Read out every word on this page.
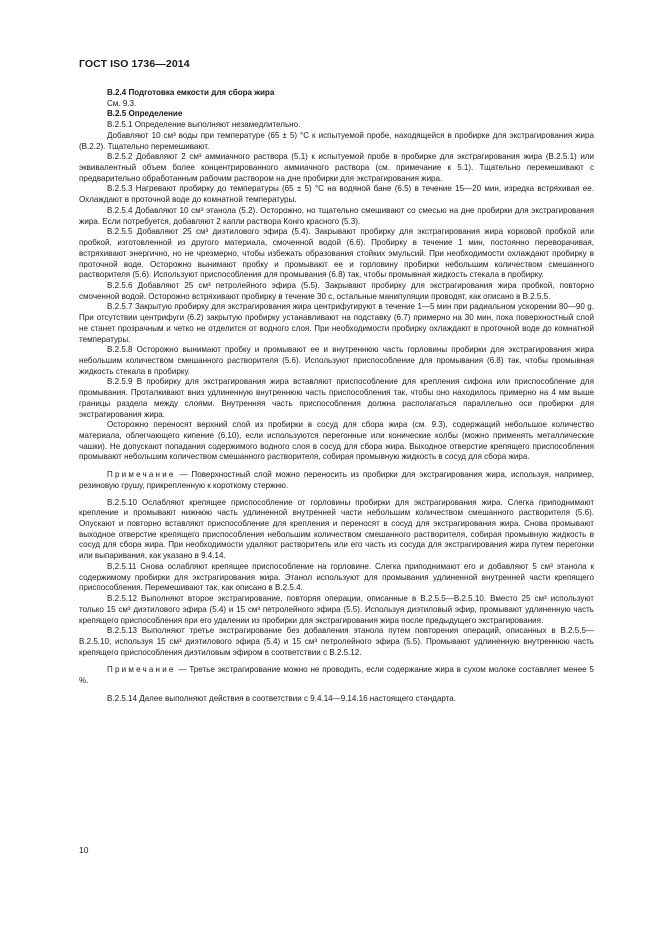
ГОСТ ISO 1736—2014

B.2.4 Подготовка емкости для сбора жира

См. 9.3.

B.2.5 Определение

В.2.5.1 Определение выполняют незамедлительно.

Добавляют 10 см³ воды при температуре (65 ± 5) °С к испытуемой пробе, находящейся в пробирке для экстрагирования жира (В.2.2). Тщательно перемешивают.

В.2.5.2 Добавляют 2 см³ аммиачного раствора (5.1) к испытуемой пробе в пробирке для экстрагирования жира (В.2.5.1) или эквивалентный объем более концентрированного аммиачного раствора (см. примечание к 5.1). Тщательно перемешивают с предварительно обработанным рабочим раствором на дне пробирки для экстрагирования жира.

В.2.5.3 Нагревают пробирку до температуры (65 ± 5) °С на водяной бане (6.5) в течение 15—20 мин, изредка встряхивая ее. Охлаждают в проточной воде до комнатной температуры.

В.2.5.4 Добавляют 10 см³ этанола (5.2). Осторожно, но тщательно смешивают со смесью на дне пробирки для экстрагирования жира. Если потребуется, добавляют 2 капли раствора Конго красного (5.3).

В.2.5.5 Добавляют 25 см³ диэтилового эфира (5.4). Закрывают пробирку для экстрагирования жира корковой пробкой или пробкой, изготовленной из другого материала, смоченной водой (6.6). Пробирку в течение 1 мин, постоянно переворачивая, встряхивают энергично, но не чрезмерно, чтобы избежать образования стойких эмульсий. При необходимости охлаждают пробирку в проточной воде. Осторожно вынимают пробку и промывают ее и горловину пробирки небольшим количеством смешанного растворителя (5.6). Используют приспособления для промывания (6.8) так, чтобы промывная жидкость стекала в пробирку.

В.2.5.6 Добавляют 25 см³ петролейного эфира (5.5). Закрывают пробирку для экстрагирования жира пробкой, повторно смоченной водой. Осторожно встряхивают пробирку в течение 30 с, остальные манипуляции проводят, как описано в В.2.5.5.

В.2.5.7 Закрытую пробирку для экстрагирования жира центрифугируют в течение 1—5 мин при радиальном ускорении 80—90 g. При отсутствии центрифуги (6.2) закрытую пробирку устанавливают на подставку (6.7) примерно на 30 мин, пока поверхностный слой не станет прозрачным и четко не отделится от водного слоя. При необходимости пробирку охлаждают в проточной воде до комнатной температуры.

В.2.5.8 Осторожно вынимают пробку и промывают ее и внутреннюю часть горловины пробирки для экстрагирования жира небольшим количеством смешанного растворителя (5.6). Используют приспособление для промывания (6.8) так, чтобы промывная жидкость стекала в пробирку.

В.2.5.9 В пробирку для экстрагирования жира вставляют приспособление для крепления сифона или приспособление для промывания. Проталкивают вниз удлиненную внутреннюю часть приспособления так, чтобы оно находилось примерно на 4 мм выше границы раздела между слоями. Внутренняя часть приспособления должна располагаться параллельно оси пробирки для экстрагирования жира.

Осторожно переносят верхний слой из пробирки в сосуд для сбора жира (см. 9.3), содержащий небольшое количество материала, облегчающего кипение (6.10), если используются перегонные или конические колбы (можно применять металлические чашки). Не допускают попадания содержимого водного слоя в сосуд для сбора жира. Выходное отверстие крепящего приспособления промывают небольшим количеством смешанного растворителя, собирая промывную жидкость в сосуд для сбора жира.

Примечание — Поверхностный слой можно переносить из пробирки для экстрагирования жира, используя, например, резиновую грушу, прикрепленную к короткому стержню.

В.2.5.10 Ослабляют крепящее приспособление от горловины пробирки для экстрагирования жира. Слегка приподнимают крепление и промывают нижнюю часть удлиненной внутренней части небольшим количеством смешанного растворителя (5.6). Опускают и повторно вставляют приспособление для крепления и переносят в сосуд для экстрагирования жира. Снова промывают выходное отверстие крепящего приспособления небольшим количеством смешанного растворителя, собирая промывную жидкость в сосуд для сбора жира. При необходимости удаляют растворитель или его часть из сосуда для экстрагирования жира путем перегонки или выпаривания, как указано в 9.4.14.

В.2.5.11 Снова ослабляют крепящее приспособление на горловине. Слегка приподнимают его и добавляют 5 см³ этанола к содержимому пробирки для экстрагирования жира. Этанол используют для промывания удлиненной внутренней части крепящего приспособления. Перемешивают так, как описано в В.2.5.4.

В.2.5.12 Выполняют второе экстрагирование, повторяя операции, описанные в В.2.5.5—В.2.5.10. Вместо 25 см³ используют только 15 см³ диэтилового эфира (5.4) и 15 см³ петролейного эфира (5.5). Используя диэтиловый эфир, промывают удлиненную часть крепящего приспособления при его удалении из пробирки для экстрагирования жира после предыдущего экстрагирования.

В.2.5.13 Выполняют третье экстрагирование без добавления этанола путем повторения операций, описанных в В.2.5.5—В.2.5.10, используя 15 см³ диэтилового эфира (5.4) и 15 см³ петролейного эфира (5.5). Промывают удлиненную внутреннюю часть крепящего приспособления диэтиловым эфиром в соответствии с В.2.5.12.

Примечание — Третье экстрагирование можно не проводить, если содержание жира в сухом молоке составляет менее 5 %.

В.2.5.14 Далее выполняют действия в соответствии с 9.4.14—9.14.16 настоящего стандарта.

10
